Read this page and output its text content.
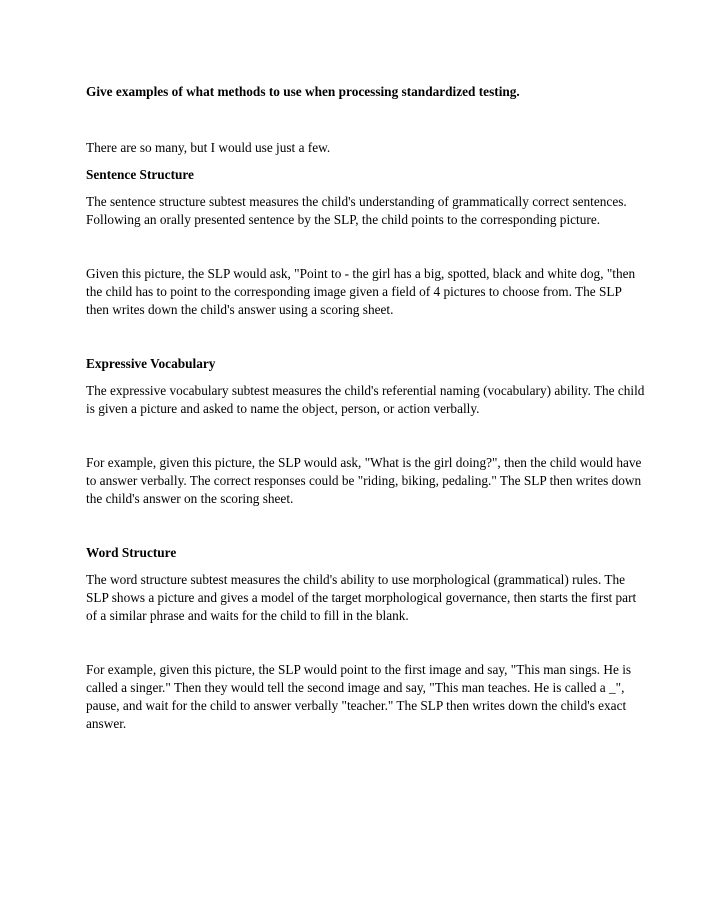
Give examples of what methods to use when processing standardized testing.

There are so many, but I would use just a few.

Sentence Structure

The sentence structure subtest measures the child's understanding of grammatically correct sentences. Following an orally presented sentence by the SLP, the child points to the corresponding picture.

Given this picture, the SLP would ask, "Point to - the girl has a big, spotted, black and white dog, "then the child has to point to the corresponding image given a field of 4 pictures to choose from. The SLP then writes down the child's answer using a scoring sheet.

Expressive Vocabulary

The expressive vocabulary subtest measures the child's referential naming (vocabulary) ability. The child is given a picture and asked to name the object, person, or action verbally.

For example, given this picture, the SLP would ask, "What is the girl doing?", then the child would have to answer verbally. The correct responses could be "riding, biking, pedaling." The SLP then writes down the child's answer on the scoring sheet.

Word Structure

The word structure subtest measures the child's ability to use morphological (grammatical) rules. The SLP shows a picture and gives a model of the target morphological governance, then starts the first part of a similar phrase and waits for the child to fill in the blank.

For example, given this picture, the SLP would point to the first image and say, "This man sings. He is called a singer." Then they would tell the second image and say, "This man teaches. He is called a _", pause, and wait for the child to answer verbally "teacher." The SLP then writes down the child's exact answer.
